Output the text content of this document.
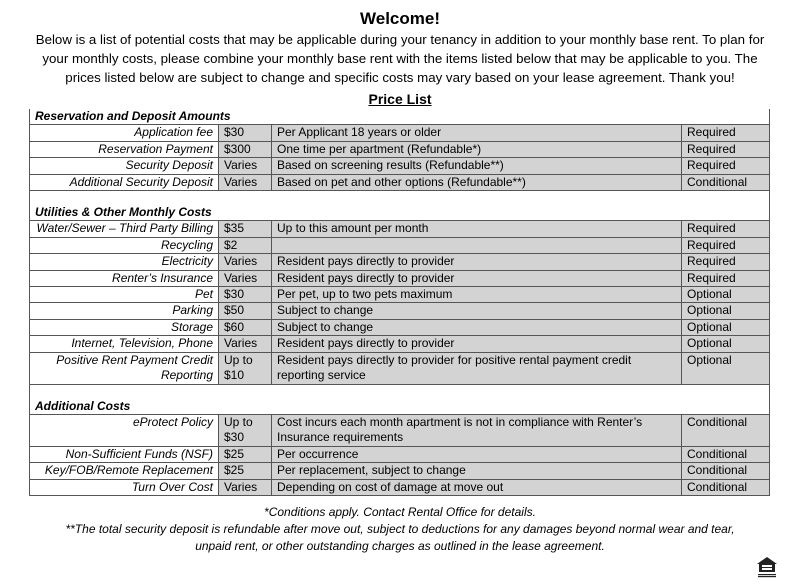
Welcome!
Below is a list of potential costs that may be applicable during your tenancy in addition to your monthly base rent. To plan for
your monthly costs, please combine your monthly base rent with the items listed below that may be applicable to you. The
prices listed below are subject to change and specific costs may vary based on your lease agreement. Thank you!
Price List
Reservation and Deposit Amounts			
Application fee	$30	Per Applicant 18 years or older	Required
Reservation Payment	$300	One time per apartment (Refundable*)	Required
Security Deposit	Varies	Based on screening results (Refundable**)	Required
Additional Security Deposit	Varies	Based on pet and other options (Refundable**)	Conditional

Utilities & Other Monthly Costs			
Water/Sewer – Third Party Billing	$35	Up to this amount per month	Required
Recycling	$2		Required
Electricity	Varies	Resident pays directly to provider	Required
Renter’s Insurance	Varies	Resident pays directly to provider	Required
Pet	$30	Per pet, up to two pets maximum	Optional
Parking	$50	Subject to change	Optional
Storage	$60	Subject to change	Optional
Internet, Television, Phone	Varies	Resident pays directly to provider	Optional
Positive Rent Payment Credit Reporting	Up to $10	Resident pays directly to provider for positive rental payment credit reporting service	Optional

Additional Costs			
eProtect Policy	Up to $30	Cost incurs each month apartment is not in compliance with Renter’s Insurance requirements	Conditional
Non-Sufficient Funds (NSF)	$25	Per occurrence	Conditional
Key/FOB/Remote Replacement	$25	Per replacement, subject to change	Conditional
Turn Over Cost	Varies	Depending on cost of damage at move out	Conditional
*Conditions apply. Contact Rental Office for details.
**The total security deposit is refundable after move out, subject to deductions for any damages beyond normal wear and tear,
unpaid rent, or other outstanding charges as outlined in the lease agreement.
